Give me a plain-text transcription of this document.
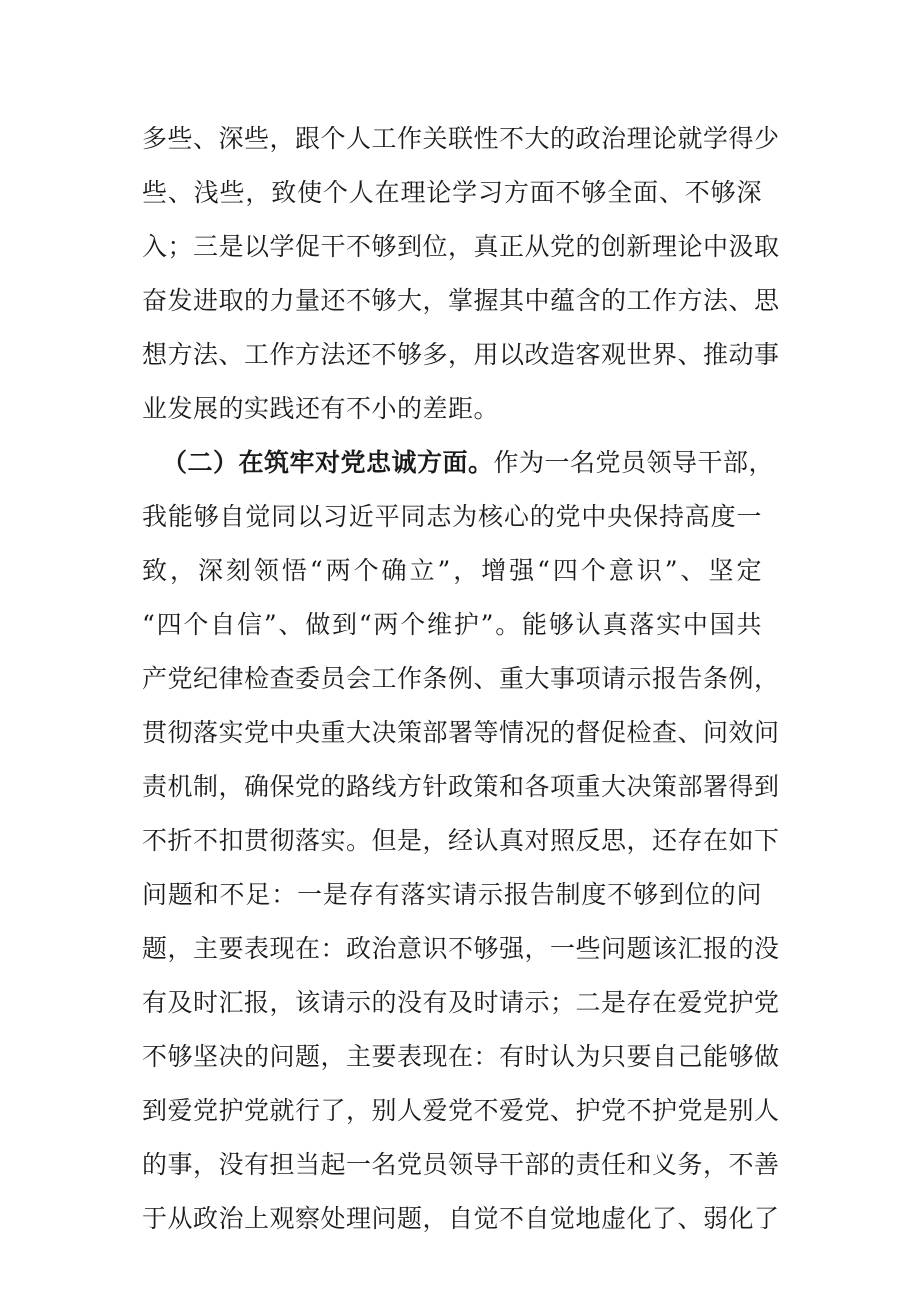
多些、深些，跟个人工作关联性不大的政治理论就学得少
些、浅些，致使个人在理论学习方面不够全面、不够深
入；三是以学促干不够到位，真正从党的创新理论中汲取
奋发进取的力量还不够大，掌握其中蕴含的工作方法、思
想方法、工作方法还不够多，用以改造客观世界、推动事
业发展的实践还有不小的差距。
（二）在筑牢对党忠诚方面。作为一名党员领导干部，
我能够自觉同以习近平同志为核心的党中央保持高度一
致，深刻领悟“两个确立”，增强“四个意识”、坚定
“四个自信”、做到“两个维护”。能够认真落实中国共
产党纪律检查委员会工作条例、重大事项请示报告条例，
贯彻落实党中央重大决策部署等情况的督促检查、问效问
责机制，确保党的路线方针政策和各项重大决策部署得到
不折不扣贯彻落实。但是，经认真对照反思，还存在如下
问题和不足：一是存有落实请示报告制度不够到位的问
题，主要表现在：政治意识不够强，一些问题该汇报的没
有及时汇报，该请示的没有及时请示；二是存在爱党护党
不够坚决的问题，主要表现在：有时认为只要自己能够做
到爱党护党就行了，别人爱党不爱党、护党不护党是别人
的事，没有担当起一名党员领导干部的责任和义务，不善
于从政治上观察处理问题，自觉不自觉地虚化了、弱化了
